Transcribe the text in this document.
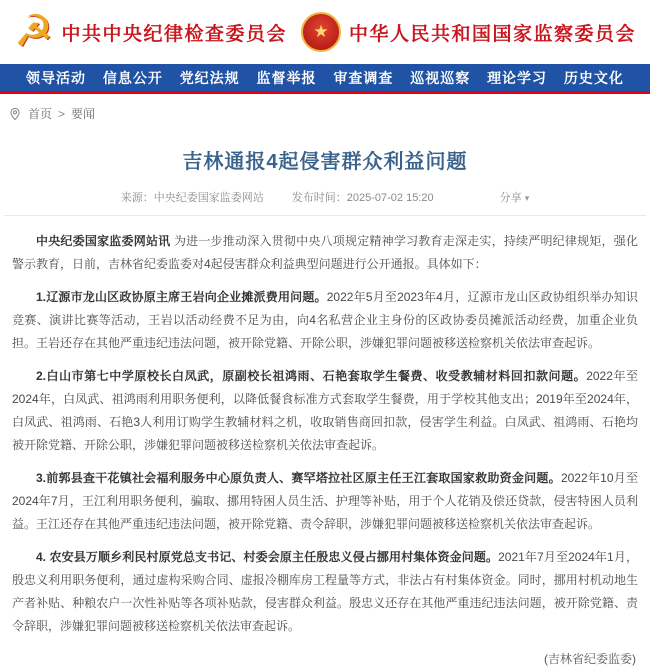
☭ 中共中央纪律检查委员会 ★ 中华人民共和国国家监察委员会
领导活动 信息公开 党纪法规 监督举报 审查调查 巡视巡察 理论学习 历史文化
首页 > 要闻
吉林通报4起侵害群众利益问题
来源：中央纪委国家监委网站	发布时间：2025-07-02 15:20	分享 ▾

中央纪委国家监委网站讯 为进一步推动深入贯彻中央八项规定精神学习教育走深走实，持续严明纪律规矩，强化警示教育，日前，吉林省纪委监委对4起侵害群众利益典型问题进行公开通报。具体如下：

1.辽源市龙山区政协原主席王岩向企业摊派费用问题。2022年5月至2023年4月，辽源市龙山区政协组织举办知识竞赛、演讲比赛等活动，王岩以活动经费不足为由，向4名私营企业主身份的区政协委员摊派活动经费，加重企业负担。王岩还存在其他严重违纪违法问题，被开除党籍、开除公职，涉嫌犯罪问题被移送检察机关依法审查起诉。

2.白山市第七中学原校长白凤武，原副校长祖鸿雨、石艳套取学生餐费、收受教辅材料回扣款问题。2022年至2024年，白凤武、祖鸿雨利用职务便利，以降低餐食标准方式套取学生餐费，用于学校其他支出；2019年至2024年，白凤武、祖鸿雨、石艳3人利用订购学生教辅材料之机，收取销售商回扣款，侵害学生利益。白凤武、祖鸿雨、石艳均被开除党籍、开除公职，涉嫌犯罪问题被移送检察机关依法审查起诉。

3.前郭县查干花镇社会福利服务中心原负责人、赛罕塔拉社区原主任王江套取国家救助资金问题。2022年10月至2024年7月，王江利用职务便利，骗取、挪用特困人员生活、护理等补贴，用于个人花销及偿还贷款，侵害特困人员利益。王江还存在其他严重违纪违法问题，被开除党籍、责令辞职，涉嫌犯罪问题被移送检察机关依法审查起诉。

4. 农安县万顺乡利民村原党总支书记、村委会原主任殷忠义侵占挪用村集体资金问题。2021年7月至2024年1月，殷忠义利用职务便利，通过虚构采购合同、虚报冷棚库房工程量等方式，非法占有村集体资金。同时，挪用村机动地生产者补贴、种粮农户一次性补贴等各项补贴款，侵害群众利益。殷忠义还存在其他严重违纪违法问题，被开除党籍、责令辞职，涉嫌犯罪问题被移送检察机关依法审查起诉。

(吉林省纪委监委)
